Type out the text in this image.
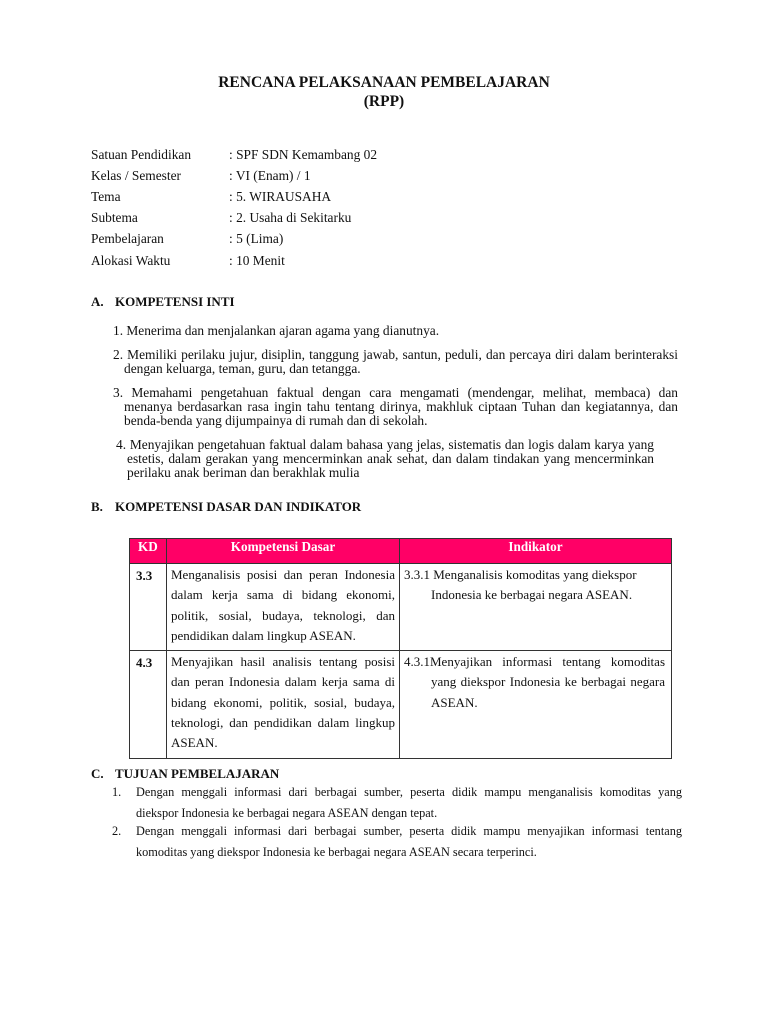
RENCANA PELAKSANAAN PEMBELAJARAN
(RPP)
Satuan Pendidikan	: SPF SDN Kemambang 02
Kelas / Semester	: VI (Enam) / 1
Tema	: 5. WIRAUSAHA
Subtema	: 2. Usaha di Sekitarku
Pembelajaran	: 5 (Lima)
Alokasi Waktu	: 10 Menit
A. KOMPETENSI INTI

1. Menerima dan menjalankan ajaran agama yang dianutnya.

2. Memiliki perilaku jujur, disiplin, tanggung jawab, santun, peduli, dan percaya diri dalam berinteraksi dengan keluarga, teman, guru, dan tetangga.

3. Memahami pengetahuan faktual dengan cara mengamati (mendengar, melihat, membaca) dan menanya berdasarkan rasa ingin tahu tentang dirinya, makhluk ciptaan Tuhan dan kegiatannya, dan benda-benda yang dijumpainya di rumah dan di sekolah.

4. Menyajikan pengetahuan faktual dalam bahasa yang jelas, sistematis dan logis dalam karya yang estetis, dalam gerakan yang mencerminkan anak sehat, dan dalam tindakan yang mencerminkan perilaku anak beriman dan berakhlak mulia

B. KOMPETENSI DASAR DAN INDIKATOR
KD	Kompetensi Dasar	Indikator
3.3	Menganalisis posisi dan peran Indonesia dalam kerja sama di bidang ekonomi, politik, sosial, budaya, teknologi, dan pendidikan dalam lingkup ASEAN.	3.3.1 Menganalisis komoditas yang diekspor Indonesia ke berbagai negara ASEAN.

4.3	Menyajikan hasil analisis tentang posisi dan peran Indonesia dalam kerja sama di bidang ekonomi, politik, sosial, budaya, teknologi, dan pendidikan dalam lingkup ASEAN.	4.3.1Menyajikan informasi tentang komoditas yang diekspor Indonesia ke berbagai negara ASEAN.

C. TUJUAN PEMBELAJARAN
1. Dengan menggali informasi dari berbagai sumber, peserta didik mampu menganalisis komoditas yang diekspor Indonesia ke berbagai negara ASEAN dengan tepat.
2. Dengan menggali informasi dari berbagai sumber, peserta didik mampu menyajikan informasi tentang komoditas yang diekspor Indonesia ke berbagai negara ASEAN secara terperinci.
